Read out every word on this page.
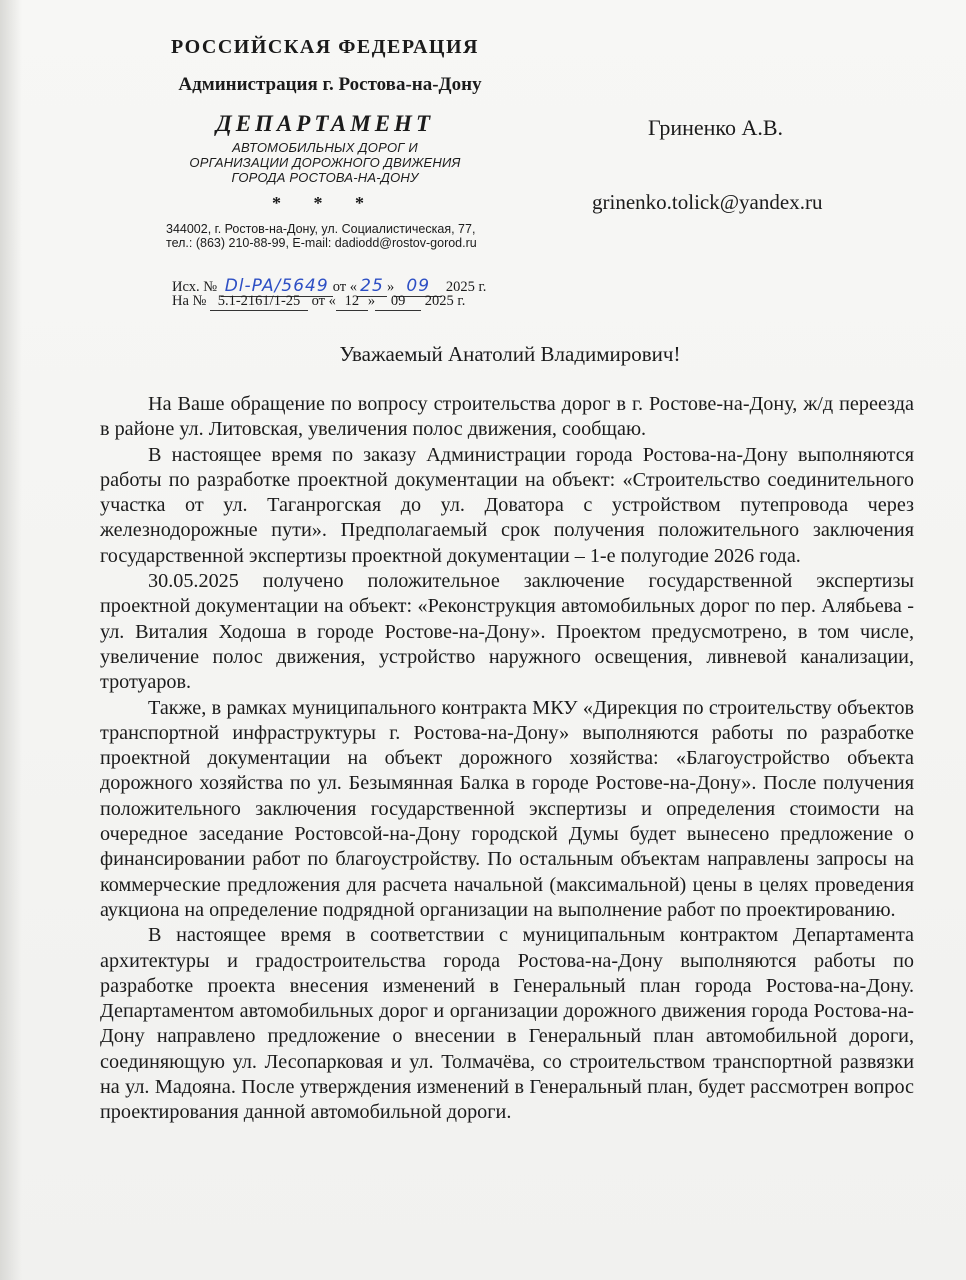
РОССИЙСКАЯ ФЕДЕРАЦИЯ
Администрация г. Ростова-на-Дону
ДЕПАРТАМЕНТ
АВТОМОБИЛЬНЫХ ДОРОГ И
ОРГАНИЗАЦИИ ДОРОЖНОГО ДВИЖЕНИЯ
ГОРОДА РОСТОВА-НА-ДОНУ
* * *
344002, г. Ростов-на-Дону, ул. Социалистическая, 77,
тел.: (863) 210-88-99, E-mail: dadiodd@rostov-gorod.ru
Исх. № Dl-PA/5649 от « 25 » 09 2025 г.
На № 5.1-2161/1-25 от « 12 » 09 2025 г.
Гриненко А.В.
grinenko.tolick@yandex.ru
Уважаемый Анатолий Владимирович!

На Ваше обращение по вопросу строительства дорог в г. Ростове-на-Дону, ж/д переезда в районе ул. Литовская, увеличения полос движения, сообщаю.

В настоящее время по заказу Администрации города Ростова-на-Дону выполняются работы по разработке проектной документации на объект: «Строительство соединительного участка от ул. Таганрогская до ул. Доватора с устройством путепровода через железнодорожные пути». Предполагаемый срок получения положительного заключения государственной экспертизы проектной документации – 1-е полугодие 2026 года.

30.05.2025 получено положительное заключение государственной экспертизы проектной документации на объект: «Реконструкция автомобильных дорог по пер. Алябьева - ул. Виталия Ходоша в городе Ростове-на-Дону». Проектом предусмотрено, в том числе, увеличение полос движения, устройство наружного освещения, ливневой канализации, тротуаров.

Также, в рамках муниципального контракта МКУ «Дирекция по строительству объектов транспортной инфраструктуры г. Ростова-на-Дону» выполняются работы по разработке проектной документации на объект дорожного хозяйства: «Благоустройство объекта дорожного хозяйства по ул. Безымянная Балка в городе Ростове-на-Дону». После получения положительного заключения государственной экспертизы и определения стоимости на очередное заседание Ростовсой-на-Дону городской Думы будет вынесено предложение о финансировании работ по благоустройству. По остальным объектам направлены запросы на коммерческие предложения для расчета начальной (максимальной) цены в целях проведения аукциона на определение подрядной организации на выполнение работ по проектированию.

В настоящее время в соответствии с муниципальным контрактом Департамента архитектуры и градостроительства города Ростова-на-Дону выполняются работы по разработке проекта внесения изменений в Генеральный план города Ростова-на-Дону. Департаментом автомобильных дорог и организации дорожного движения города Ростова-на-Дону направлено предложение о внесении в Генеральный план автомобильной дороги, соединяющую ул. Лесопарковая и ул. Толмачёва, со строительством транспортной развязки на ул. Мадояна. После утверждения изменений в Генеральный план, будет рассмотрен вопрос проектирования данной автомобильной дороги.
